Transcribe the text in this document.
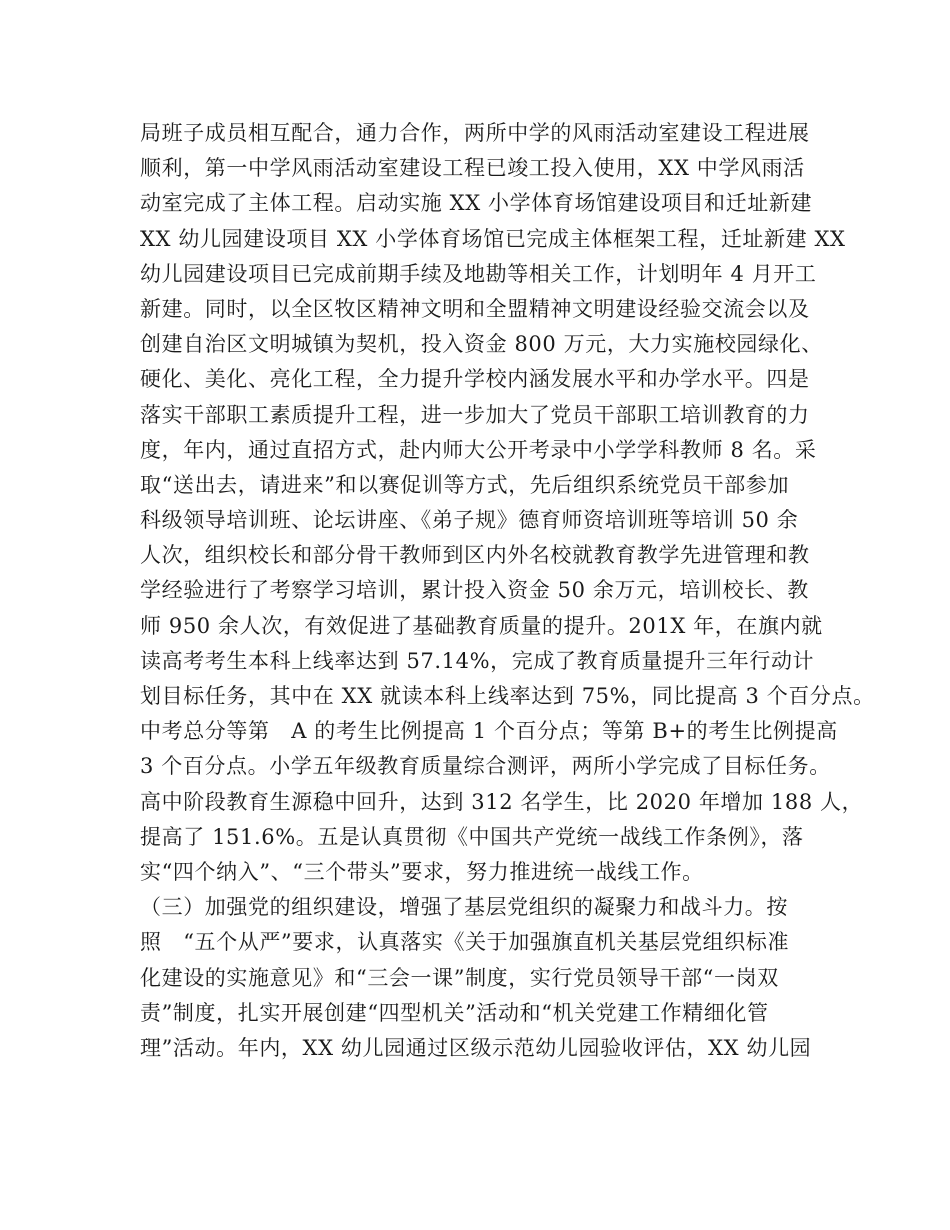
局班子成员相互配合，通力合作，两所中学的风雨活动室建设工程进展
顺利，第一中学风雨活动室建设工程已竣工投入使用，XX 中学风雨活
动室完成了主体工程。启动实施 XX 小学体育场馆建设项目和迁址新建
XX 幼儿园建设项目 XX 小学体育场馆已完成主体框架工程，迁址新建 XX
幼儿园建设项目已完成前期手续及地勘等相关工作，计划明年 4 月开工
新建。同时，以全区牧区精神文明和全盟精神文明建设经验交流会以及
创建自治区文明城镇为契机，投入资金 800 万元，大力实施校园绿化、
硬化、美化、亮化工程，全力提升学校内涵发展水平和办学水平。四是
落实干部职工素质提升工程，进一步加大了党员干部职工培训教育的力
度，年内，通过直招方式，赴内师大公开考录中小学学科教师 8 名。采
取“送出去，请进来”和以赛促训等方式，先后组织系统党员干部参加
科级领导培训班、论坛讲座、《弟子规》德育师资培训班等培训 50 余
人次，组织校长和部分骨干教师到区内外名校就教育教学先进管理和教
学经验进行了考察学习培训，累计投入资金 50 余万元，培训校长、教
师 950 余人次，有效促进了基础教育质量的提升。201X 年，在旗内就
读高考考生本科上线率达到 57.14%，完成了教育质量提升三年行动计
划目标任务，其中在 XX 就读本科上线率达到 75%，同比提高 3 个百分点。
中考总分等第　A 的考生比例提高 1 个百分点；等第 B+的考生比例提高
3 个百分点。小学五年级教育质量综合测评，两所小学完成了目标任务。
高中阶段教育生源稳中回升，达到 312 名学生，比 2020 年增加 188 人，
提高了 151.6%。五是认真贯彻《中国共产党统一战线工作条例》，落
实“四个纳入”、“三个带头”要求，努力推进统一战线工作。
（三）加强党的组织建设，增强了基层党组织的凝聚力和战斗力。按
照　“五个从严”要求，认真落实《关于加强旗直机关基层党组织标准
化建设的实施意见》和“三会一课”制度，实行党员领导干部“一岗双
责”制度，扎实开展创建“四型机关”活动和“机关党建工作精细化管
理”活动。年内，XX 幼儿园通过区级示范幼儿园验收评估，XX 幼儿园
